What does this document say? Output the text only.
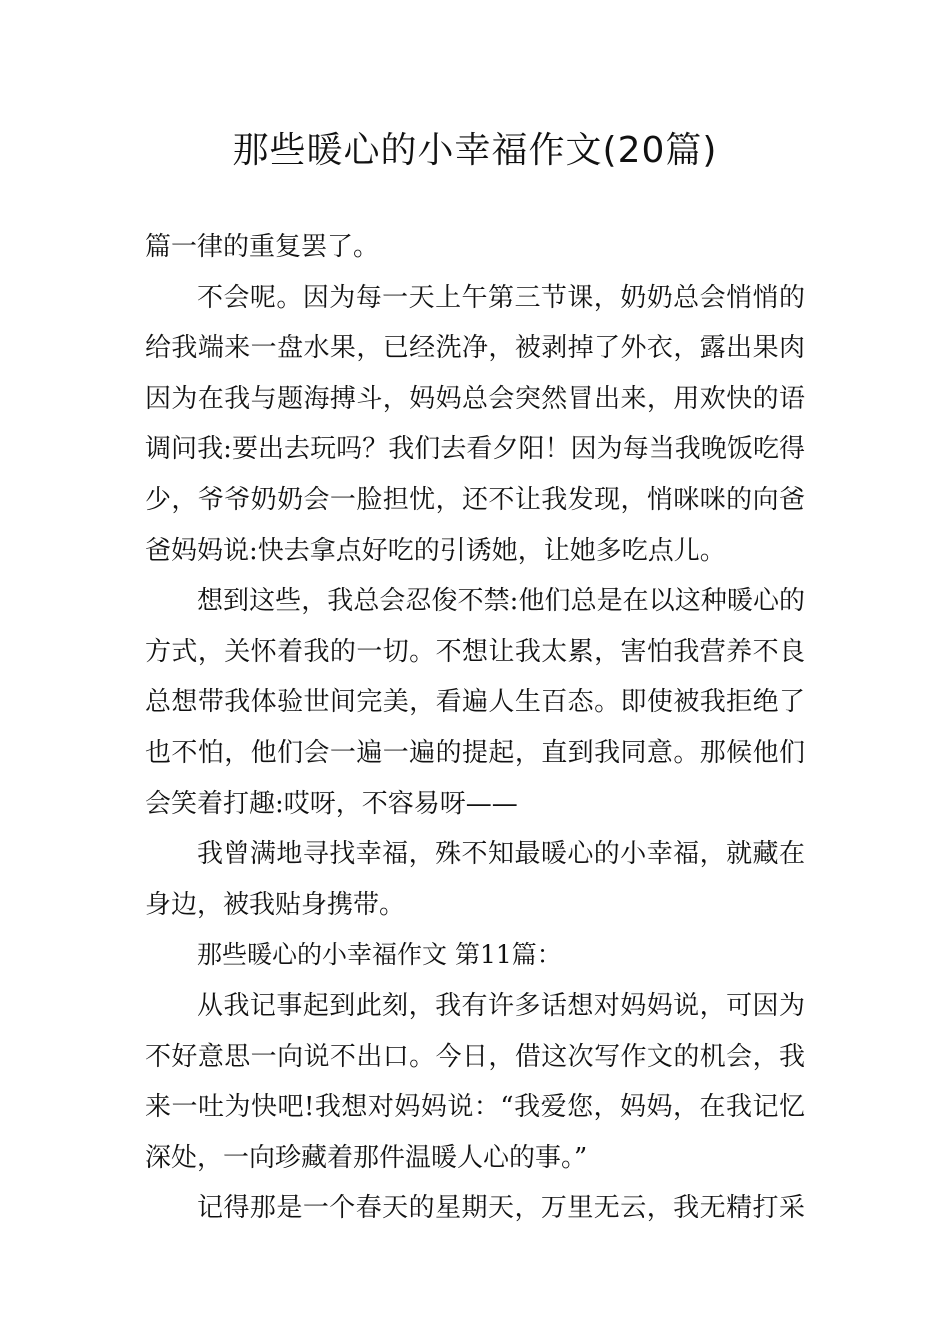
那些暖心的小幸福作文(20篇)
篇一律的重复罢了。
不会呢。因为每一天上午第三节课，奶奶总会悄悄的
给我端来一盘水果，已经洗净，被剥掉了外衣，露出果肉
因为在我与题海搏斗，妈妈总会突然冒出来，用欢快的语
调问我:要出去玩吗？我们去看夕阳！因为每当我晚饭吃得
少，爷爷奶奶会一脸担忧，还不让我发现，悄咪咪的向爸
爸妈妈说:快去拿点好吃的引诱她，让她多吃点儿。
想到这些，我总会忍俊不禁:他们总是在以这种暖心的
方式，关怀着我的一切。不想让我太累，害怕我营养不良
总想带我体验世间完美，看遍人生百态。即使被我拒绝了
也不怕，他们会一遍一遍的提起，直到我同意。那候他们
会笑着打趣:哎呀，不容易呀——
我曾满地寻找幸福，殊不知最暖心的小幸福，就藏在
身边，被我贴身携带。
那些暖心的小幸福作文 第11篇：
从我记事起到此刻，我有许多话想对妈妈说，可因为
不好意思一向说不出口。今日，借这次写作文的机会，我
来一吐为快吧!我想对妈妈说：“我爱您，妈妈，在我记忆
深处，一向珍藏着那件温暖人心的事。”
记得那是一个春天的星期天，万里无云，我无精打采
